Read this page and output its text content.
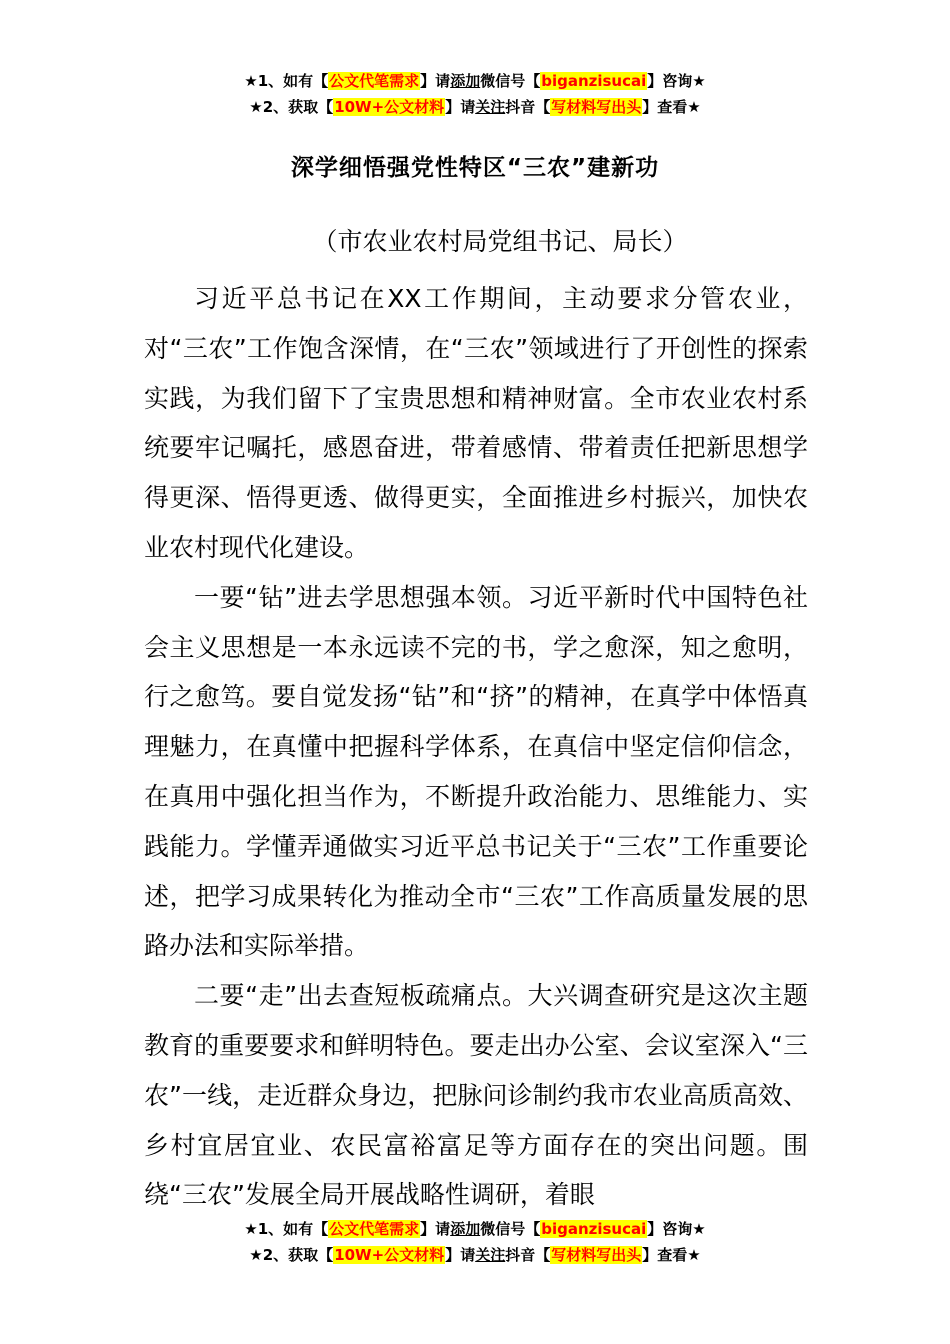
★1、如有【公文代笔需求】请添加微信号【biganzisucai】咨询★
★2、获取【10W+公文材料】请关注抖音【写材料写出头】查看★
深学细悟强党性特区“三农”建新功
（市农业农村局党组书记、局长）

习近平总书记在XX工作期间，主动要求分管农业，对“三农”工作饱含深情，在“三农”领域进行了开创性的探索实践，为我们留下了宝贵思想和精神财富。全市农业农村系统要牢记嘱托，感恩奋进，带着感情、带着责任把新思想学得更深、悟得更透、做得更实，全面推进乡村振兴，加快农业农村现代化建设。

一要“钻”进去学思想强本领。习近平新时代中国特色社会主义思想是一本永远读不完的书，学之愈深，知之愈明，行之愈笃。要自觉发扬“钻”和“挤”的精神，在真学中体悟真理魅力，在真懂中把握科学体系，在真信中坚定信仰信念，在真用中强化担当作为，不断提升政治能力、思维能力、实践能力。学懂弄通做实习近平总书记关于“三农”工作重要论述，把学习成果转化为推动全市“三农”工作高质量发展的思路办法和实际举措。

二要“走”出去查短板疏痛点。大兴调查研究是这次主题教育的重要要求和鲜明特色。要走出办公室、会议室深入“三农”一线，走近群众身边，把脉问诊制约我市农业高质高效、乡村宜居宜业、农民富裕富足等方面存在的突出问题。围绕“三农”发展全局开展战略性调研，着眼

★1、如有【公文代笔需求】请添加微信号【biganzisucai】咨询★
★2、获取【10W+公文材料】请关注抖音【写材料写出头】查看★
